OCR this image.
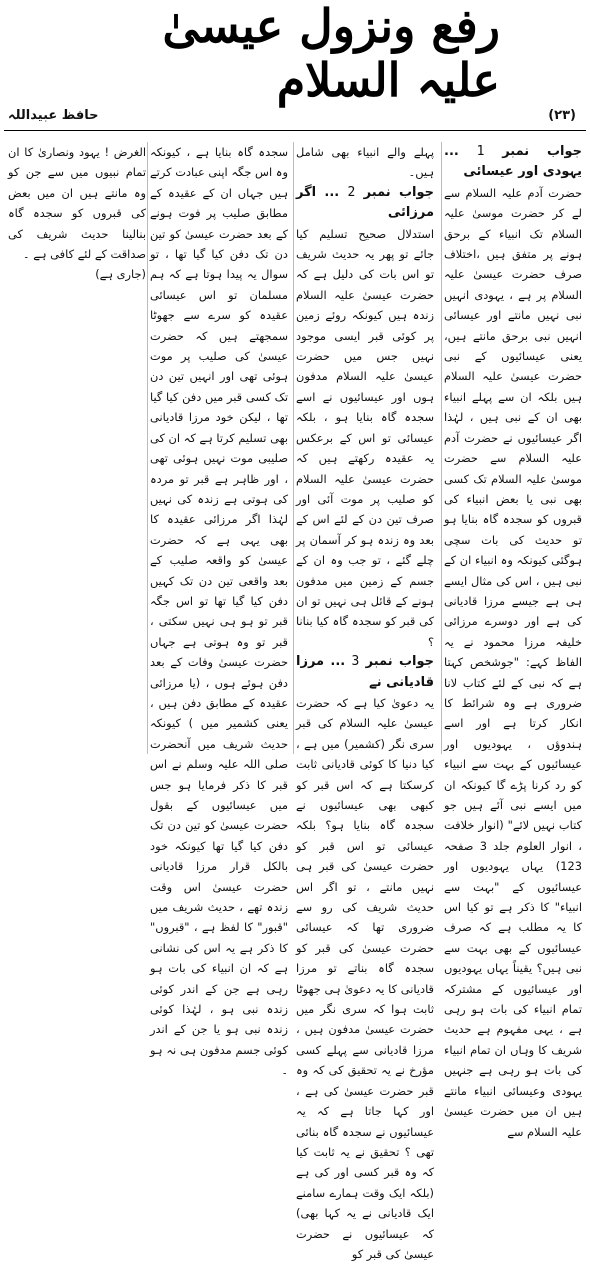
رفع ونزول عیسیٰ علیہ السلام
حافظ عبیداللہ	(۲۳)

جواب نمبر 1 ... یہودی اور عیسائی

حضرت آدم علیہ السلام سے لے کر حضرت موسیٰ علیہ السلام تک انبیاء کے برحق ہونے پر متفق ہیں ،اختلاف صرف حضرت عیسیٰ علیہ السلام پر ہے ، یہودی انہیں نبی نہیں مانتے اور عیسائی انہیں نبی برحق مانتے ہیں، یعنی عیسائیوں کے نبی حضرت عیسیٰ علیہ السلام ہیں بلکہ ان سے پہلے انبیاء بھی ان کے نبی ہیں ، لہٰذا اگر عیسائیوں نے حضرت آدم علیہ السلام سے حضرت موسیٰ علیہ السلام تک کسی بھی نبی یا بعض انبیاء کی قبروں کو سجدہ گاہ بنایا ہو تو حدیث کی بات سچی ہوگئی کیونکہ وہ انبیاء ان کے نبی ہیں ، اس کی مثال ایسے ہی ہے جیسے مرزا قادیانی کی ہے اور دوسرے مرزائی خلیفہ مرزا محمود نے یہ الفاظ کہے: "جوشخص کہتا ہے کہ نبی کے لئے کتاب لانا ضروری ہے وہ شرائط کا انکار کرتا ہے اور اسے ہندوؤں ، یہودیوں اور عیسائیوں کے بہت سے انبیاء کو رد کرنا پڑے گا کیونکہ ان میں ایسے نبی آئے ہیں جو کتاب نہیں لائے" (انوار خلافت ، انوار العلوم جلد 3 صفحہ 123) یہاں یہودیوں اور عیسائیوں کے "بہت سے انبیاء" کا ذکر ہے تو کیا اس کا یہ مطلب ہے کہ صرف عیسائیوں کے بھی بہت سے نبی ہیں؟ یقیناً یہاں یہودیوں اور عیسائیوں کے مشترکہ تمام انبیاء کی بات ہو رہی ہے ، یہی مفہوم ہے حدیث شریف کا وہاں ان تمام انبیاء کی بات ہو رہی ہے جنہیں یہودی وعیسائی انبیاء مانتے ہیں ان میں حضرت عیسیٰ علیہ السلام سے

پہلے والے انبیاء بھی شامل ہیں۔

جواب نمبر 2 ... اگر مرزائی

استدلال صحیح تسلیم کیا جائے تو پھر یہ حدیث شریف تو اس بات کی دلیل ہے کہ حضرت عیسیٰ علیہ السلام زندہ ہیں کیونکہ روئے زمین پر کوئی قبر ایسی موجود نہیں جس میں حضرت عیسیٰ علیہ السلام مدفون ہوں اور عیسائیوں نے اسے سجدہ گاہ بنایا ہو ، بلکہ عیسائی تو اس کے برعکس یہ عقیدہ رکھتے ہیں کہ حضرت عیسیٰ علیہ السلام کو صلیب پر موت آئی اور صرف تین دن کے لئے اس کے بعد وہ زندہ ہو کر آسمان پر چلے گئے ، تو جب وہ ان کے جسم کے زمین میں مدفون ہونے کے قائل ہی نہیں تو ان کی قبر کو سجدہ گاہ کیا بنانا ؟

جواب نمبر 3 ... مرزا قادیانی نے

یہ دعویٰ کیا ہے کہ حضرت عیسیٰ علیہ السلام کی قبر سری نگر (کشمیر) میں ہے ، کیا دنیا کا کوئی قادیانی ثابت کرسکتا ہے کہ اس قبر کو کبھی بھی عیسائیوں نے سجدہ گاہ بنایا ہو؟ بلکہ عیسائی تو اس قبر کو حضرت عیسیٰ کی قبر ہی نہیں مانتے ، تو اگر اس حدیث شریف کی رو سے ضروری تھا کہ عیسائی حضرت عیسیٰ کی قبر کو سجدہ گاہ بناتے تو مرزا قادیانی کا یہ دعویٰ ہی جھوٹا ثابت ہوا کہ سری نگر میں حضرت عیسیٰ مدفون ہیں ، مرزا قادیانی سے پہلے کسی مؤرخ نے یہ تحقیق کی کہ وہ قبر حضرت عیسیٰ کی ہے ، اور کہا جاتا ہے کہ یہ عیسائیوں نے سجدہ گاہ بنائی تھی ؟ تحقیق نے یہ ثابت کیا کہ وہ قبر کسی اور کی ہے (بلکہ ایک وقت ہمارے سامنے ایک قادیانی نے یہ کہا بھی) کہ عیسائیوں نے حضرت عیسیٰ کی قبر کو

سجدہ گاہ بنایا ہے ، کیونکہ وہ اس جگہ اپنی عبادت کرتے ہیں جہاں ان کے عقیدہ کے مطابق صلیب پر فوت ہونے کے بعد حضرت عیسیٰ کو تین دن تک دفن کیا گیا تھا ، تو سوال یہ پیدا ہوتا ہے کہ ہم مسلمان تو اس عیسائی عقیدہ کو سرے سے جھوٹا سمجھتے ہیں کہ حضرت عیسیٰ کی صلیب پر موت ہوئی تھی اور انہیں تین دن تک کسی قبر میں دفن کیا گیا تھا ، لیکن خود مرزا قادیانی بھی تسلیم کرتا ہے کہ ان کی صلیبی موت نہیں ہوئی تھی ، اور ظاہر ہے قبر تو مردہ کی ہوتی ہے زندہ کی نہیں لہٰذا اگر مرزائی عقیدہ کا بھی یہی ہے کہ حضرت عیسیٰ کو واقعہ صلیب کے بعد واقعی تین دن تک کہیں دفن کیا گیا تھا تو اس جگہ قبر تو ہو ہی نہیں سکتی ، قبر تو وہ ہوتی ہے جہاں حضرت عیسیٰ وفات کے بعد دفن ہوئے ہوں ، (یا مرزائی عقیدہ کے مطابق دفن ہیں ، یعنی کشمیر میں ) کیونکہ حدیث شریف میں آنحضرت صلی اللہ علیہ وسلم نے اس قبر کا ذکر فرمایا ہو جس میں عیسائیوں کے بقول حضرت عیسیٰ کو تین دن تک دفن کیا گیا تھا کیونکہ خود بالکل قرار مرزا قادیانی حضرت عیسیٰ اس وقت زندہ تھے ، حدیث شریف میں "قبور" کا لفظ ہے ، "قبروں" کا ذکر ہے یہ اس کی نشانی ہے کہ ان انبیاء کی بات ہو رہی ہے جن کے اندر کوئی زندہ نبی ہو ، لہٰذا کوئی زندہ نبی ہو یا جن کے اندر کوئی جسم مدفون ہی نہ ہو ۔

الغرض ! یہود ونصاریٰ کا ان تمام نبیوں میں سے جن کو وہ مانتے ہیں ان میں بعض کی قبروں کو سجدہ گاہ بنالینا حدیث شریف کی صداقت کے لئے کافی ہے ۔

(جاری ہے)
